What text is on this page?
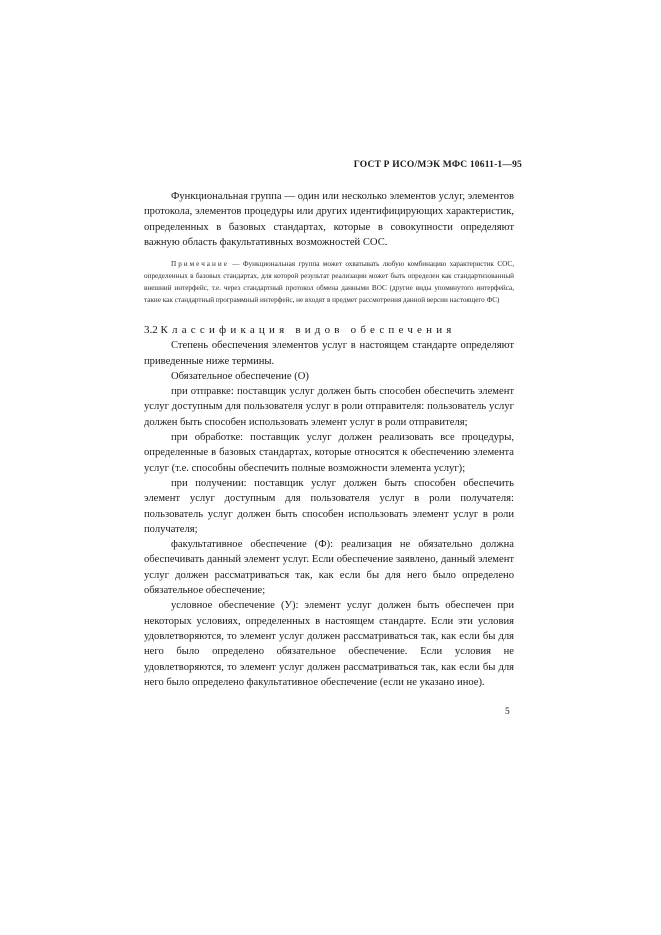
ГОСТ Р ИСО/МЭК МФС 10611-1—95

Функциональная группа — один или несколько элементов услуг, элементов протокола, элементов процедуры или других идентифицирующих характеристик, определенных в базовых стандартах, которые в совокупности определяют важную область факультативных возможностей СОС.

Примечание — Функциональная группа может охватывать любую комбинацию характеристик СОС, определенных в базовых стандартах, для которой результат реализации может быть определен как стандартизованный внешний интерфейс, т.е. через стандартный протокол обмена данными ВОС (другие виды упомянутого интерфейса, такие как стандартный программный интерфейс, не входят в предмет рассмотрения данной версии настоящего ФС)

3.2 Классификация видов обеспечения

Степень обеспечения элементов услуг в настоящем стандарте определяют приведенные ниже термины.

Обязательное обеспечение (О)

при отправке: поставщик услуг должен быть способен обеспечить элемент услуг доступным для пользователя услуг в роли отправителя: пользователь услуг должен быть способен использовать элемент услуг в роли отправителя;

при обработке: поставщик услуг должен реализовать все процедуры, определенные в базовых стандартах, которые относятся к обеспечению элемента услуг (т.е. способны обеспечить полные возможности элемента услуг);

при получении: поставщик услуг должен быть способен обеспечить элемент услуг доступным для пользователя услуг в роли получателя: пользователь услуг должен быть способен использовать элемент услуг в роли получателя;

факультативное обеспечение (Ф): реализация не обязательно должна обеспечивать данный элемент услуг. Если обеспечение заявлено, данный элемент услуг должен рассматриваться так, как если бы для него было определено обязательное обеспечение;

условное обеспечение (У): элемент услуг должен быть обеспечен при некоторых условиях, определенных в настоящем стандарте. Если эти условия удовлетворяются, то элемент услуг должен рассматриваться так, как если бы для него было определено обязательное обеспечение. Если условия не удовлетворяются, то элемент услуг должен рассматриваться так, как если бы для него было определено факультативное обеспечение (если не указано иное).

5
